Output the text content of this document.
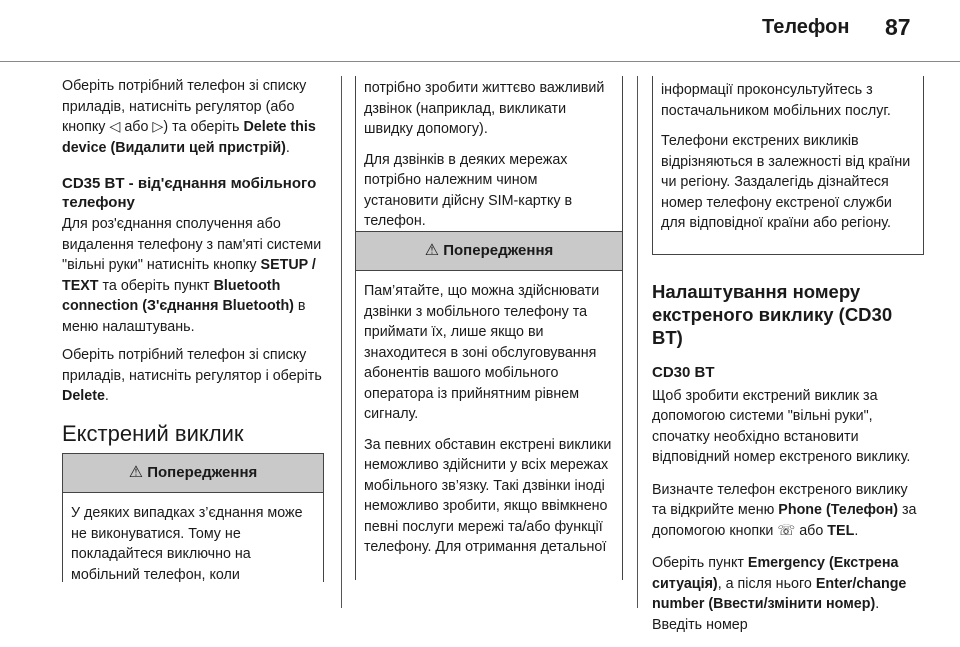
Телефон 87

Оберіть потрібний телефон зі списку приладів, натисніть регулятор (або кнопку ◁ або ▷) та оберіть Delete this device (Видалити цей пристрій).

CD35 BT - від'єднання мобільного телефону

Для роз'єднання сполучення або видалення телефону з пам'яті системи "вільні руки" натисніть кнопку SETUP / TEXT та оберіть пункт Bluetooth connection (З'єднання Bluetooth) в меню налаштувань.

Оберіть потрібний телефон зі списку приладів, натисніть регулятор і оберіть Delete.

Екстрений виклик
⚠ Попередження
У деяких випадках з’єднання може не виконуватися. Тому не покладайтеся виключно на мобільний телефон, коли

потрібно зробити життєво важливий дзвінок (наприклад, викликати швидку допомогу).

Для дзвінків в деяких мережах потрібно належним чином установити дійсну SIM-картку в телефон.

⚠ Попередження

Пам’ятайте, що можна здійснювати дзвінки з мобільного телефону та приймати їх, лише якщо ви знаходитеся в зоні обслуговування абонентів вашого мобільного оператора із прийнятним рівнем сигналу.

За певних обставин екстрені виклики неможливо здійснити у всіх мережах мобільного зв’язку. Такі дзвінки іноді неможливо зробити, якщо ввімкнено певні послуги мережі та/або функції телефону. Для отримання детальної

інформації проконсультуйтесь з постачальником мобільних послуг.

Телефони екстрених викликів відрізняються в залежності від країни чи регіону. Заздалегідь дізнайтеся номер телефону екстреної служби для відповідної країни або регіону.

Налаштування номеру екстреного виклику (CD30 BT)
CD30 BT

Щоб зробити екстрений виклик за допомогою системи "вільні руки", спочатку необхідно встановити відповідний номер екстреного виклику.

Визначте телефон екстреного виклику та відкрийте меню Phone (Телефон) за допомогою кнопки ☏ або TEL.

Оберіть пункт Emergency (Екстрена ситуація), а після нього Enter/change number (Ввести/змінити номер). Введіть номер
